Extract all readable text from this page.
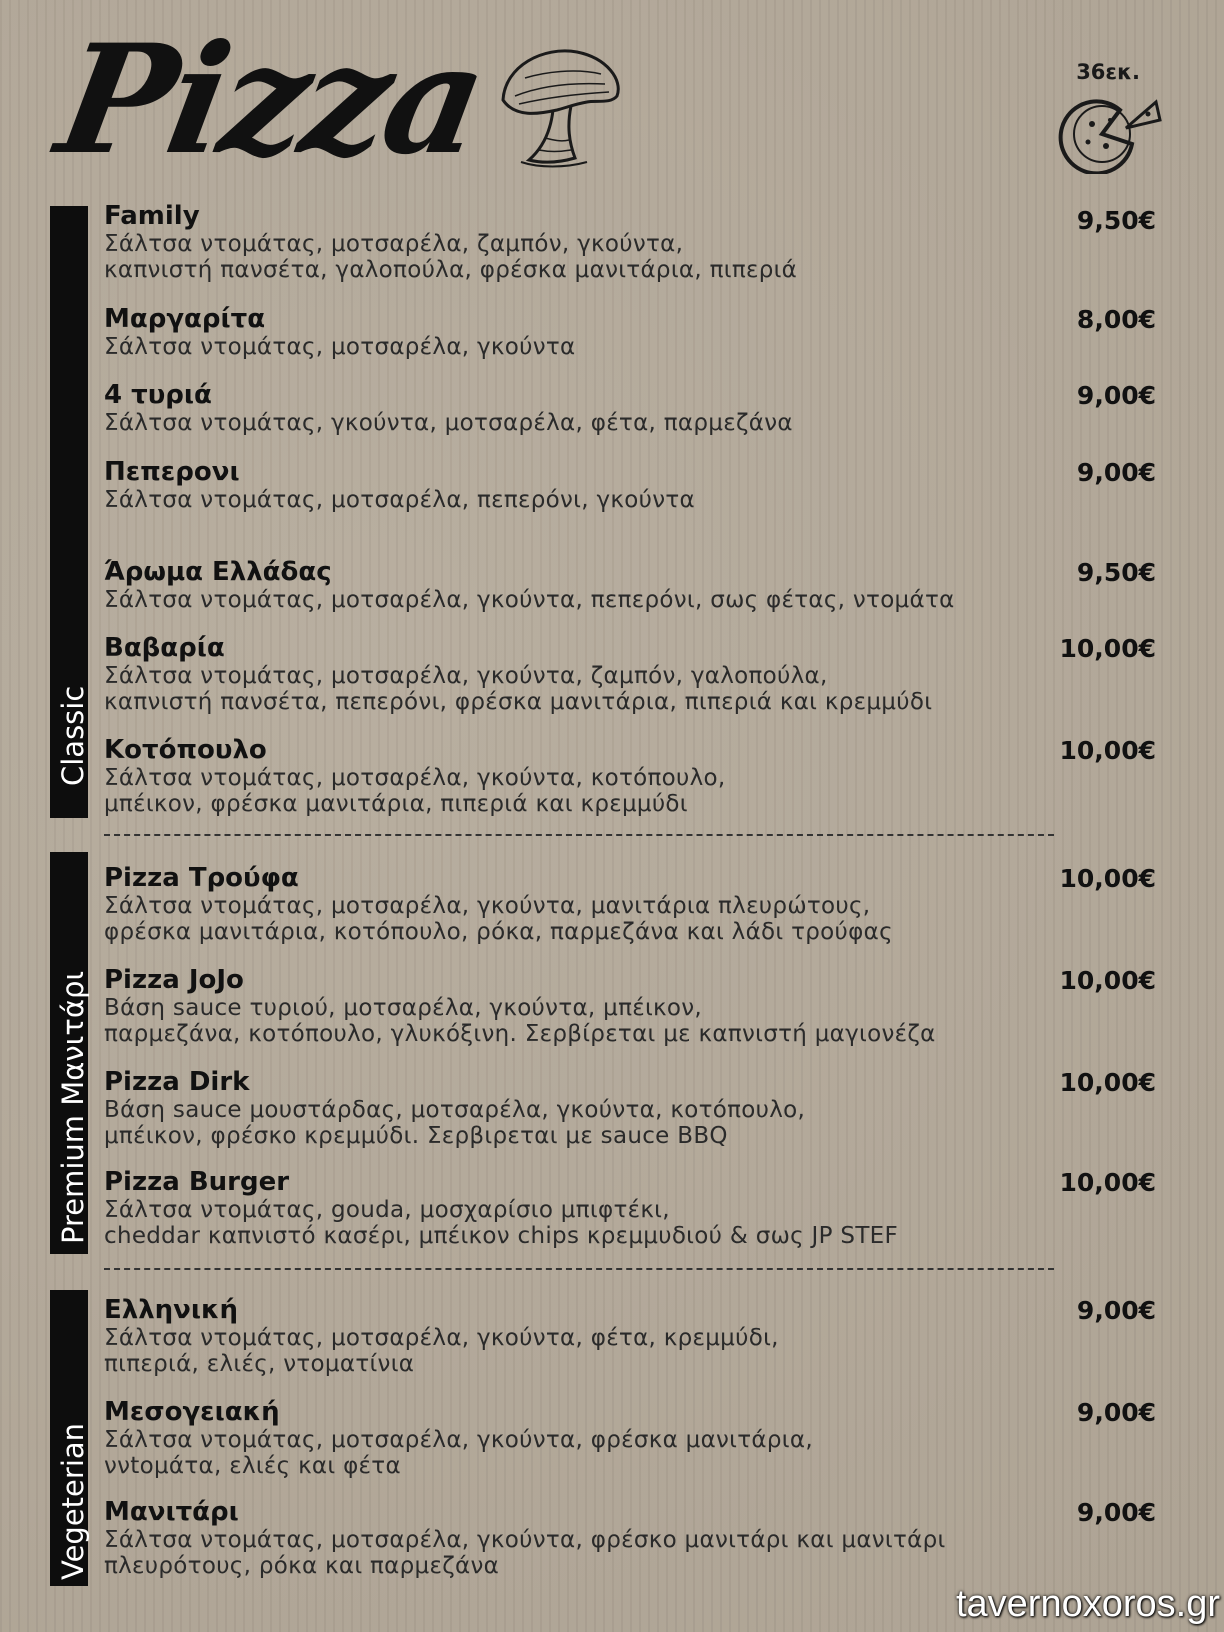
Pizza	36εκ.
Classic
Premium Μανιτάρι
Vegeterian
Family
Σάλτσα ντομάτας, μοτσαρέλα, ζαμπόν, γκούντα,
καπνιστή πανσέτα, γαλοπούλα, φρέσκα μανιτάρια, πιπεριά
9,50€
Μαργαρίτα
Σάλτσα ντομάτας, μοτσαρέλα, γκούντα
8,00€
4 τυριά
Σάλτσα ντομάτας, γκούντα, μοτσαρέλα, φέτα, παρμεζάνα
9,00€
Πεπερονι
Σάλτσα ντομάτας, μοτσαρέλα, πεπερόνι, γκούντα
9,00€
Άρωμα Ελλάδας
Σάλτσα ντομάτας, μοτσαρέλα, γκούντα, πεπερόνι, σως φέτας, ντομάτα
9,50€
Βαβαρία
Σάλτσα ντομάτας, μοτσαρέλα, γκούντα, ζαμπόν, γαλοπούλα,
καπνιστή πανσέτα, πεπερόνι, φρέσκα μανιτάρια, πιπεριά και κρεμμύδι
10,00€
Κοτόπουλο
Σάλτσα ντομάτας, μοτσαρέλα, γκούντα, κοτόπουλο,
μπέικον, φρέσκα μανιτάρια, πιπεριά και κρεμμύδι
10,00€
Pizza Τρούφα
Σάλτσα ντομάτας, μοτσαρέλα, γκούντα, μανιτάρια πλευρώτους,
φρέσκα μανιτάρια, κοτόπουλο, ρόκα, παρμεζάνα και λάδι τρούφας
10,00€
Pizza JoJo
Βάση sauce τυριού, μοτσαρέλα, γκούντα, μπέικον,
παρμεζάνα, κοτόπουλο, γλυκόξινη. Σερβίρεται με καπνιστή μαγιονέζα
10,00€
Pizza Dirk
Βάση sauce μουστάρδας, μοτσαρέλα, γκούντα, κοτόπουλο,
μπέικον, φρέσκο κρεμμύδι. Σερβιρεται με sauce BBQ
10,00€
Pizza Burger
Σάλτσα ντομάτας, gouda, μοσχαρίσιο μπιφτέκι,
cheddar καπνιστό κασέρι, μπέικον chips κρεμμυδιού & σως JP STEF
10,00€
Ελληνική
Σάλτσα ντομάτας, μοτσαρέλα, γκούντα, φέτα, κρεμμύδι,
πιπεριά, ελιές, ντοματίνια
9,00€
Μεσογειακή
Σάλτσα ντομάτας, μοτσαρέλα, γκούντα, φρέσκα μανιτάρια,
ννtομάτα, ελιές και φέτα
9,00€
Μανιτάρι
Σάλτσα ντομάτας, μοτσαρέλα, γκούντα, φρέσκο μανιτάρι και μανιτάρι
πλευρότους, ρόκα και παρμεζάνα
9,00€
tavernoxoros.gr
